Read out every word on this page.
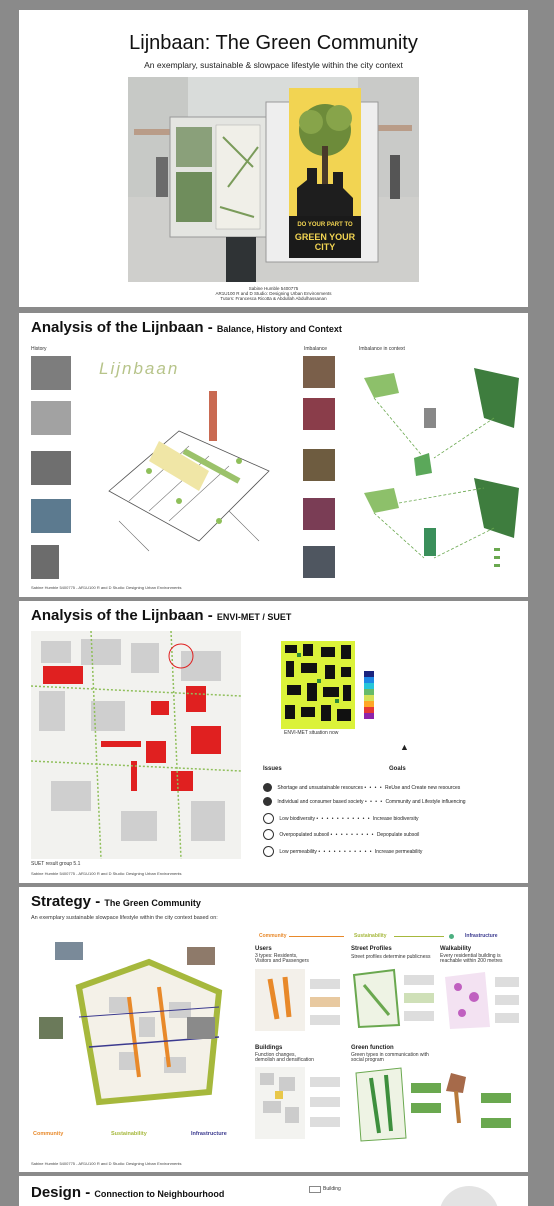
Lijnbaan: The Green Community
An exemplary, sustainable & slowpace lifestyle within the city context
DO YOUR PART TO
GREEN YOUR CITY
Sabine Humble 5400775
AR1U100 R and D Studio: Designing Urban Environments
Tutors: Francesca Ricotta & Abdullah Abdulhassanan
Analysis of the Lijnbaan - Balance, History and Context
History	Imbalance	Imbalance in context
Lijnbaan
Sabine Humble 5400775 - AR1U100 R and D Studio: Designing Urban Environments
Analysis of the Lijnbaan - ENVI-MET / SUET
SUET result group 5.1
ENVI-MET situation now
▲
Issues	Goals
Shortage and unsustainable resources • • • • ReUse and Create new resources
Individual and consumer based society • • • • Community and Lifestyle influencing
Low biodiversity • • • • • • • • • • • Increase biodiversity
Overpopulated subsoil • • • • • • • • • Depopulate subsoil
Low permeability • • • • • • • • • • • Increase permeability
Sabine Humble 5400775 - AR1U100 R and D Studio: Designing Urban Environments
Strategy - The Green Community
An exemplary sustainable slowpace lifestyle within the city context based on:
Community	Sustainability	Infrastructure
Community	Sustainability	Infrastructure
Users
3 types: Residents, Visitors and Passengers
Street Profiles
Street profiles determine publicness
Walkability
Every residential building is reachable within 200 metres
Buildings
Function changes, demolish and densification
Green function
Green types in communication with social program
Sabine Humble 5400775 - AR1U100 R and D Studio: Designing Urban Environments
Design - Connection to Neighbourhood	Building
